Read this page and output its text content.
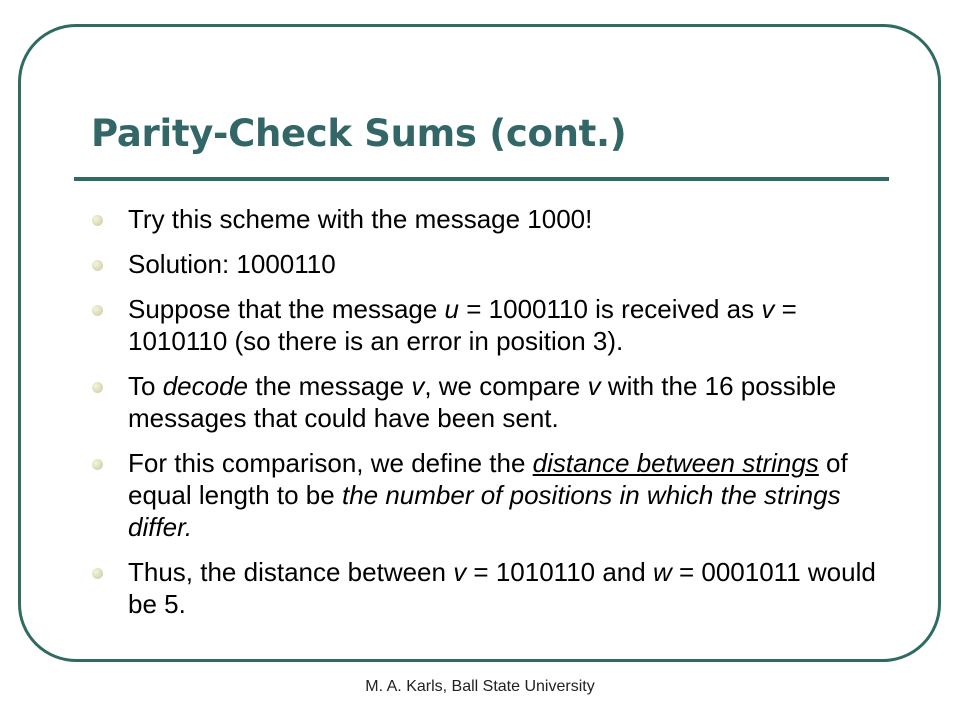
Parity-Check Sums (cont.)
Try this scheme with the message 1000!
Solution: 1000110
Suppose that the message u = 1000110 is received as v = 1010110 (so there is an error in position 3).
To decode the message v, we compare v with the 16 possible messages that could have been sent.
For this comparison, we define the distance between strings of equal length to be the number of positions in which the strings differ.
Thus, the distance between v = 1010110 and w = 0001011 would be 5.
M. A. Karls, Ball State University
